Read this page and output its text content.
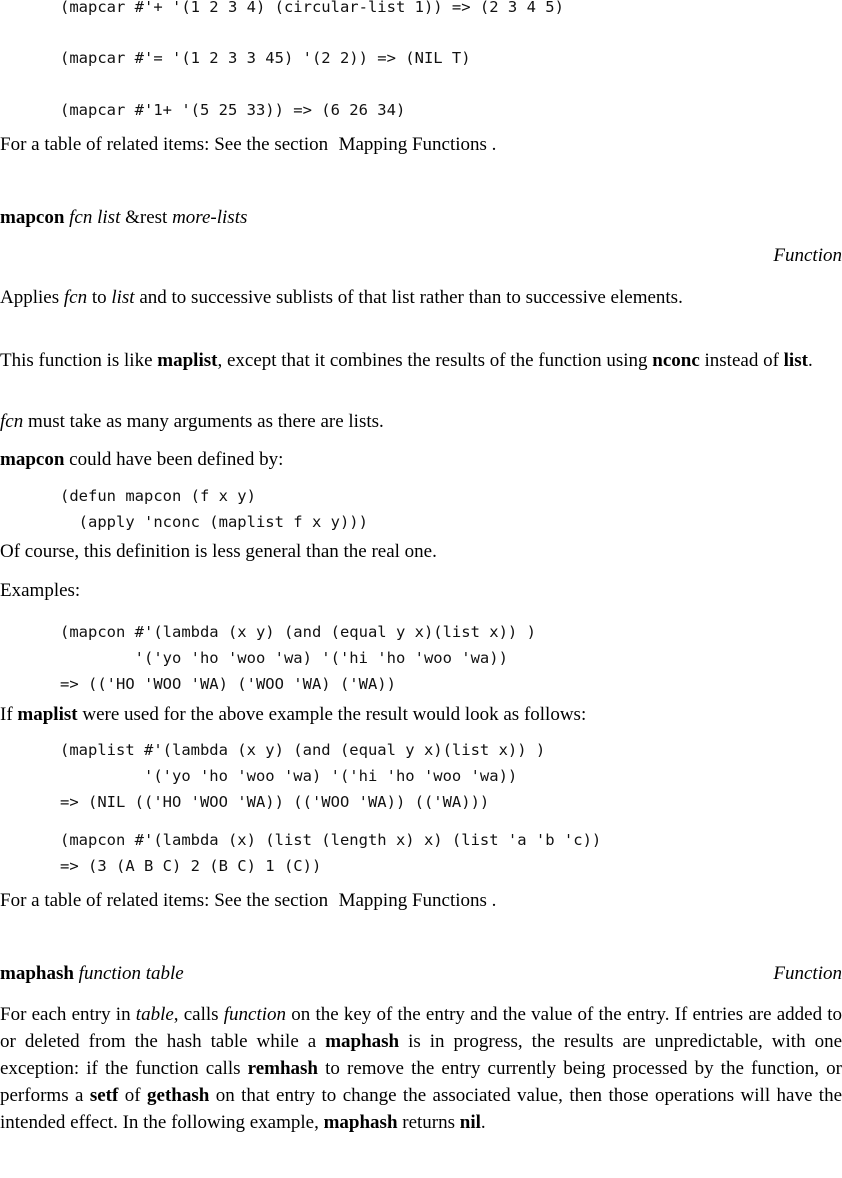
(mapcar #'+ '(1 2 3 4) (circular-list 1)) => (2 3 4 5)
(mapcar #'= '(1 2 3 3 45) '(2 2)) => (NIL T)
(mapcar #'1+ '(5 25 33)) => (6 26 34)
For a table of related items: See the section Mapping Functions .
mapcon fcn list &rest more-lists
Function
Applies fcn to list and to successive sublists of that list rather than to successive elements.
This function is like maplist, except that it combines the results of the function using nconc instead of list.
fcn must take as many arguments as there are lists.
mapcon could have been defined by:
(defun mapcon (f x y)
(apply 'nconc (maplist f x y)))
Of course, this definition is less general than the real one.
Examples:
(mapcon #'(lambda (x y) (and (equal y x)(list x)) )
'('yo 'ho 'woo 'wa) '('hi 'ho 'woo 'wa))
=> (('HO 'WOO 'WA) ('WOO 'WA) ('WA))
If maplist were used for the above example the result would look as follows:
(maplist #'(lambda (x y) (and (equal y x)(list x)) )
'('yo 'ho 'woo 'wa) '('hi 'ho 'woo 'wa))
=> (NIL (('HO 'WOO 'WA)) (('WOO 'WA)) (('WA)))
(mapcon #'(lambda (x) (list (length x) x) (list 'a 'b 'c))
=> (3 (A B C) 2 (B C) 1 (C))
For a table of related items: See the section Mapping Functions .
maphash function table	Function
For each entry in table, calls function on the key of the entry and the value of the entry. If entries are added to or deleted from the hash table while a maphash is in progress, the results are unpredictable, with one exception: if the function calls remhash to remove the entry currently being processed by the function, or performs a setf of gethash on that entry to change the associated value, then those operations will have the intended effect. In the following example, maphash returns nil.
